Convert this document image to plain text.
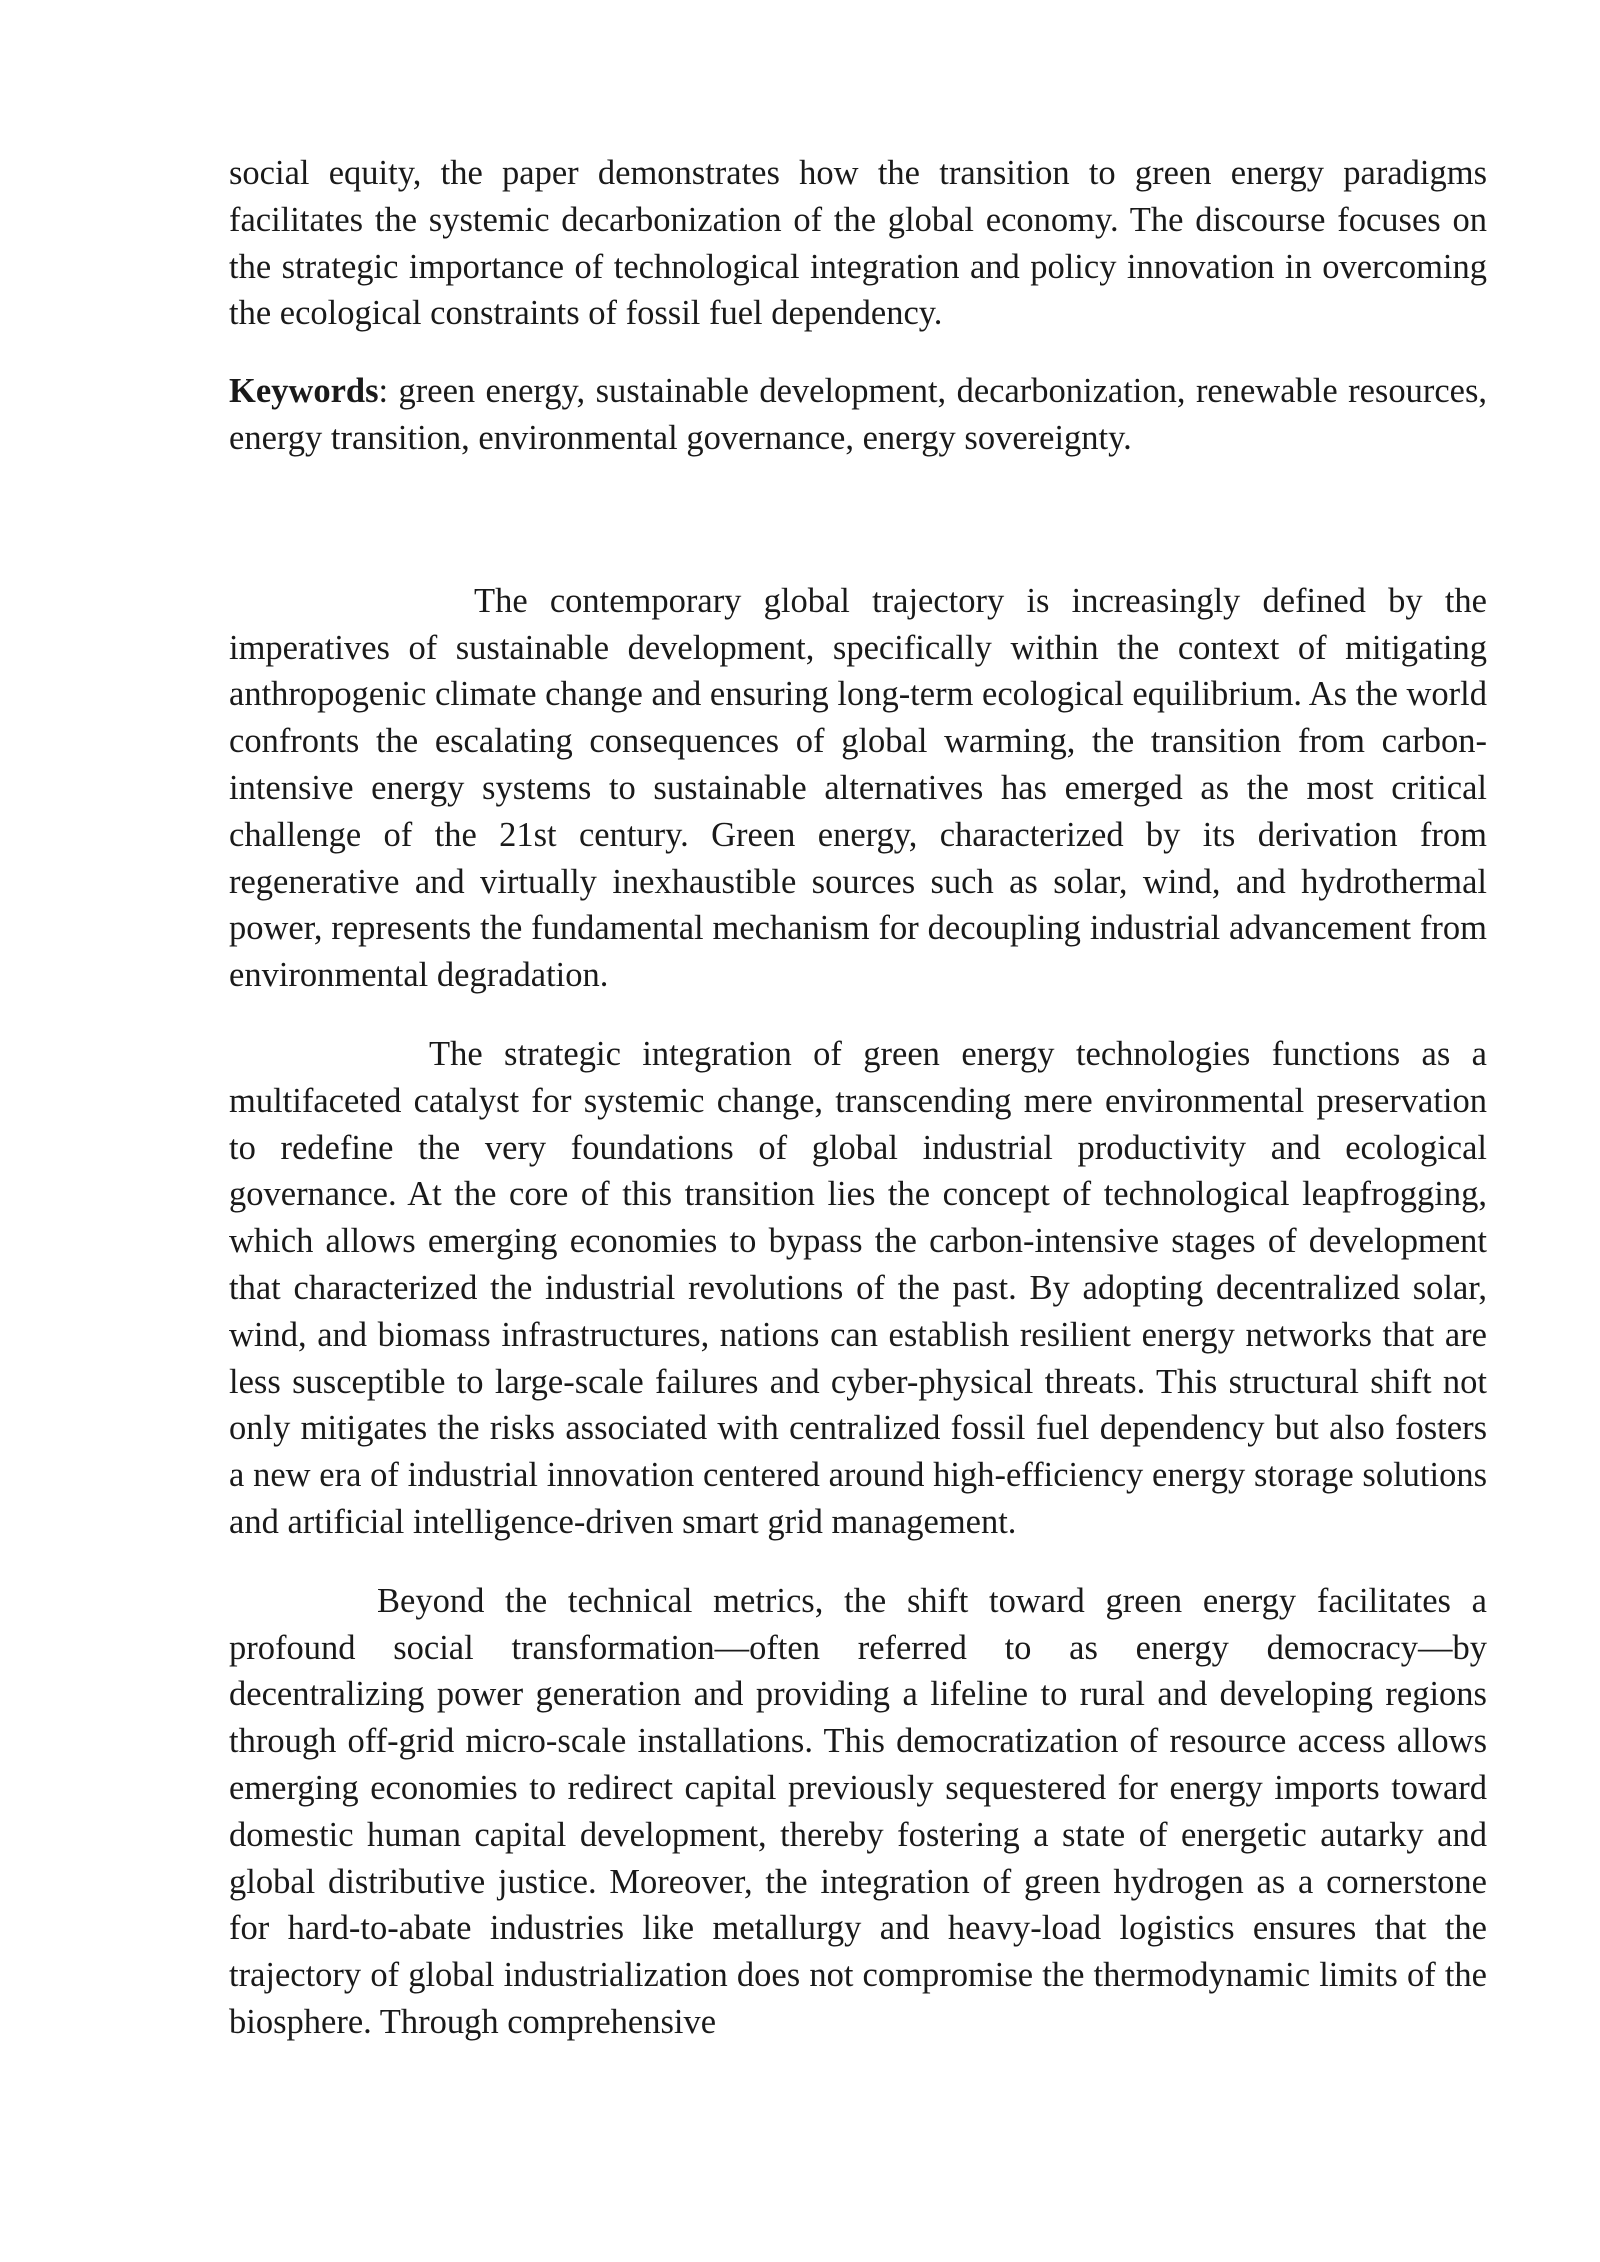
social equity, the paper demonstrates how the transition to green energy paradigms facilitates the systemic decarbonization of the global economy. The discourse focuses on the strategic importance of technological integration and policy innovation in overcoming the ecological constraints of fossil fuel dependency.

Keywords: green energy, sustainable development, decarbonization, renewable resources, energy transition, environmental governance, energy sovereignty.

The contemporary global trajectory is increasingly defined by the imperatives of sustainable development, specifically within the context of mitigating anthropogenic climate change and ensuring long-term ecological equilibrium. As the world confronts the escalating consequences of global warming, the transition from carbon-intensive energy systems to sustainable alternatives has emerged as the most critical challenge of the 21st century. Green energy, characterized by its derivation from regenerative and virtually inexhaustible sources such as solar, wind, and hydrothermal power, represents the fundamental mechanism for decoupling industrial advancement from environmental degradation.

The strategic integration of green energy technologies functions as a multifaceted catalyst for systemic change, transcending mere environmental preservation to redefine the very foundations of global industrial productivity and ecological governance. At the core of this transition lies the concept of technological leapfrogging, which allows emerging economies to bypass the carbon-intensive stages of development that characterized the industrial revolutions of the past. By adopting decentralized solar, wind, and biomass infrastructures, nations can establish resilient energy networks that are less susceptible to large-scale failures and cyber-physical threats. This structural shift not only mitigates the risks associated with centralized fossil fuel dependency but also fosters a new era of industrial innovation centered around high-efficiency energy storage solutions and artificial intelligence-driven smart grid management.

Beyond the technical metrics, the shift toward green energy facilitates a profound social transformation—often referred to as energy democracy—by decentralizing power generation and providing a lifeline to rural and developing regions through off-grid micro-scale installations. This democratization of resource access allows emerging economies to redirect capital previously sequestered for energy imports toward domestic human capital development, thereby fostering a state of energetic autarky and global distributive justice. Moreover, the integration of green hydrogen as a cornerstone for hard-to-abate industries like metallurgy and heavy-load logistics ensures that the trajectory of global industrialization does not compromise the thermodynamic limits of the biosphere. Through comprehensive
